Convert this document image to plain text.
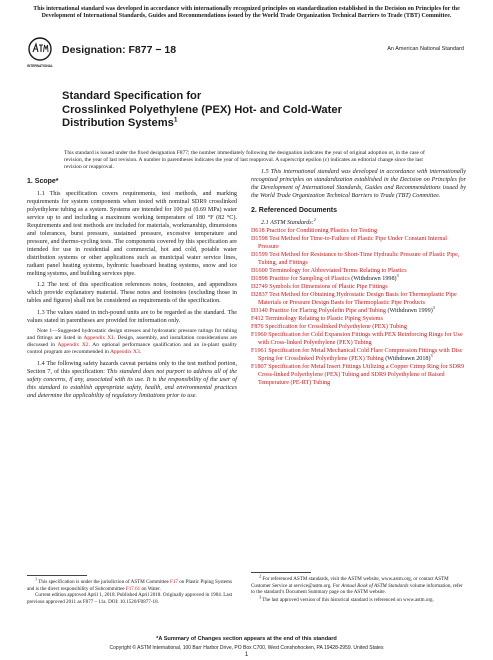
This international standard was developed in accordance with internationally recognized principles on standardization established in the Decision on Principles for the Development of International Standards, Guides and Recommendations issued by the World Trade Organization Technical Barriers to Trade (TBT) Committee.
INTERNATIONAL
Designation: F877 − 18	An American National Standard
Standard Specification for
Crosslinked Polyethylene (PEX) Hot- and Cold-Water
Distribution Systems$^1$
This standard is issued under the fixed designation F877; the number immediately following the designation indicates the year of original adoption or, in the case of revision, the year of last revision. A number in parentheses indicates the year of last reapproval. A superscript epsilon (ε) indicates an editorial change since the last revision or reapproval.

1. Scope*

1.1 This specification covers requirements, test methods, and marking requirements for system components when tested with nominal SDR9 crosslinked polyethylene tubing as a system. Systems are intended for 100 psi (0.69 MPa) water service up to and including a maximum working temperature of 180 °F (82 °C). Requirements and test methods are included for materials, workmanship, dimensions and tolerances, burst pressure, sustained pressure, excessive temperature and pressure, and thermo-cycling tests. The components covered by this specification are intended for use in residential and commercial, hot and cold, potable water distribution systems or other applications such as municipal water service lines, radiant panel heating systems, hydronic baseboard heating systems, snow and ice melting systems, and building services pipe.

1.2 The text of this specification references notes, footnotes, and appendixes which provide explanatory material. These notes and footnotes (excluding those in tables and figures) shall not be considered as requirements of the specification.

1.3 The values stated in inch-pound units are to be regarded as the standard. The values stated in parentheses are provided for information only.

Note 1—Suggested hydrostatic design stresses and hydrostatic pressure ratings for tubing and fittings are listed in Appendix X1. Design, assembly, and installation considerations are discussed in Appendix X2. An optional performance qualification and an in-plant quality control program are recommended in Appendix X3.

1.4 The following safety hazards caveat pertains only to the test method portion, Section 7, of this specification: This standard does not purport to address all of the safety concerns, if any, associated with its use. It is the responsibility of the user of this standard to establish appropriate safety, health, and environmental practices and determine the applicability of regulatory limitations prior to use.

$^1$ This specification is under the jurisdiction of ASTM Committee F17 on Plastic Piping Systems and is the direct responsibility of Subcommittee F17.61 on Water.

Current edition approved April 1, 2018. Published April 2018. Originally approved in 1984. Last previous approved 2011 as F877 – 11a. DOI: 10.1520/F0877-18.

1.5 This international standard was developed in accordance with internationally recognized principles on standardization established in the Decision on Principles for the Development of International Standards, Guides and Recommendations issued by the World Trade Organization Technical Barriers to Trade (TBT) Committee.

2. Referenced Documents

2.1 ASTM Standards:$^2$

D618 Practice for Conditioning Plastics for Testing

D1598 Test Method for Time-to-Failure of Plastic Pipe Under Constant Internal Pressure

D1599 Test Method for Resistance to Short-Time Hydraulic Pressure of Plastic Pipe, Tubing, and Fittings

D1600 Terminology for Abbreviated Terms Relating to Plastics

D1898 Practice for Sampling of Plastics (Withdrawn 1998)$^3$

D2749 Symbols for Dimensions of Plastic Pipe Fittings

D2837 Test Method for Obtaining Hydrostatic Design Basis for Thermoplastic Pipe Materials or Pressure Design Basis for Thermoplastic Pipe Products

D3140 Practice for Flaring Polyolefin Pipe and Tubing (Withdrawn 1999)$^3$

F412 Terminology Relating to Plastic Piping Systems

F876 Specification for Crosslinked Polyethylene (PEX) Tubing

F1960 Specification for Cold Expansion Fittings with PEX Reinforcing Rings for Use with Cross-linked Polyethylene (PEX) Tubing

F1961 Specification for Metal Mechanical Cold Flare Compression Fittings with Disc Spring for Crosslinked Polyethylene (PEX) Tubing (Withdrawn 2018)$^3$

F1807 Specification for Metal Insert Fittings Utilizing a Copper Crimp Ring for SDR9 Cross-linked Polyethylene (PEX) Tubing and SDR9 Polyethylene of Raised Temperature (PE-RT) Tubing

$^2$ For referenced ASTM standards, visit the ASTM website, www.astm.org, or contact ASTM Customer Service at service@astm.org. For Annual Book of ASTM Standards volume information, refer to the standard’s Document Summary page on the ASTM website.

$^3$ The last approved version of this historical standard is referenced on www.astm.org.

*A Summary of Changes section appears at the end of this standard
Copyright © ASTM International, 100 Barr Harbor Drive, PO Box C700, West Conshohocken, PA 19428-2959. United States
1
